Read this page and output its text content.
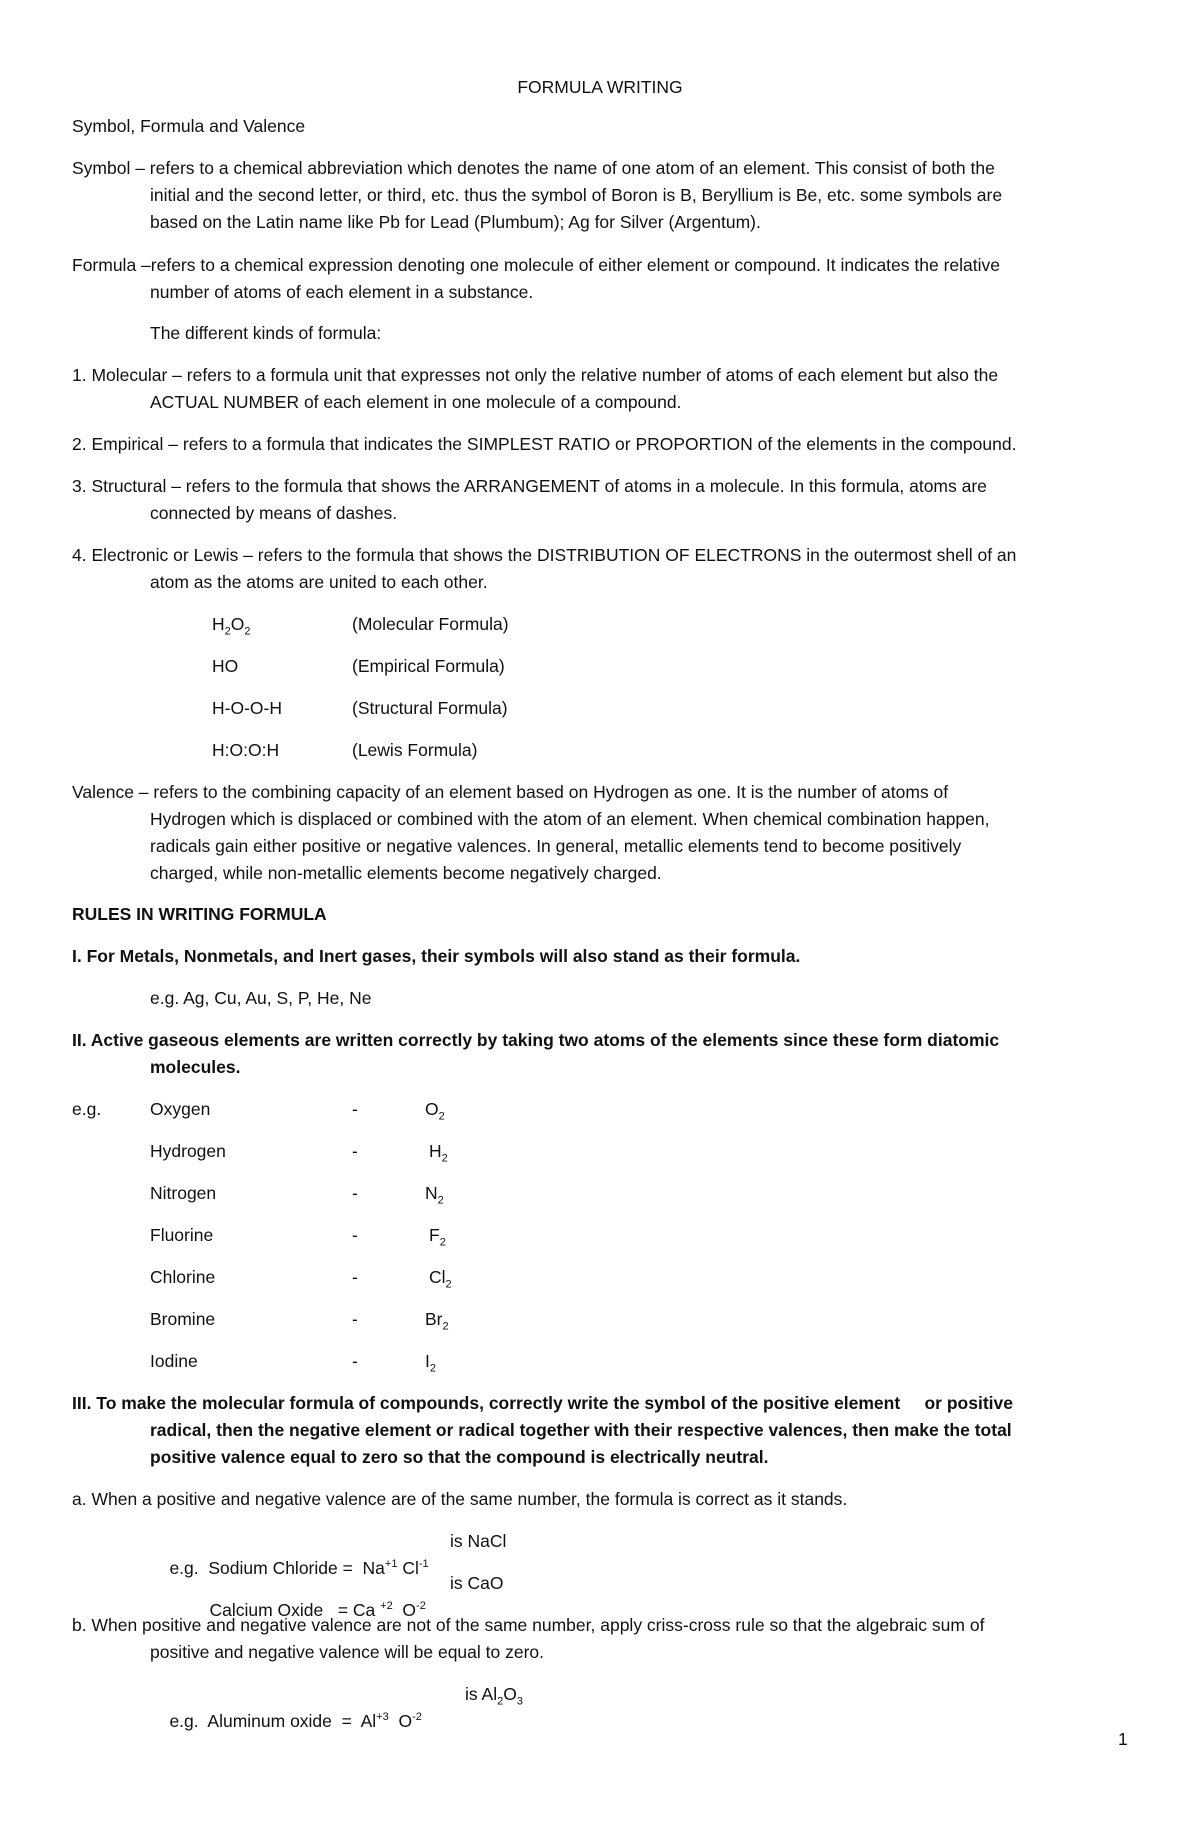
FORMULA WRITING
Symbol, Formula and Valence
Symbol – refers to a chemical abbreviation which denotes the name of one atom of an element. This consist of both the
initial and the second letter, or third, etc. thus the symbol of Boron is B, Beryllium is Be, etc. some symbols are
based on the Latin name like Pb for Lead (Plumbum); Ag for Silver (Argentum).
Formula –refers to a chemical expression denoting one molecule of either element or compound. It indicates the relative
number of atoms of each element in a substance.
The different kinds of formula:
1. Molecular – refers to a formula unit that expresses not only the relative number of atoms of each element but also the
ACTUAL NUMBER of each element in one molecule of a compound.
2. Empirical – refers to a formula that indicates the SIMPLEST RATIO or PROPORTION of the elements in the compound.
3. Structural – refers to the formula that shows the ARRANGEMENT of atoms in a molecule. In this formula, atoms are
connected by means of dashes.
4. Electronic or Lewis – refers to the formula that shows the DISTRIBUTION OF ELECTRONS in the outermost shell of an
atom as the atoms are united to each other.
$H_2O_2$	(Molecular Formula)
HO	(Empirical Formula)
H-O-O-H	(Structural Formula)
H:O:O:H	(Lewis Formula)
Valence – refers to the combining capacity of an element based on Hydrogen as one. It is the number of atoms of
Hydrogen which is displaced or combined with the atom of an element. When chemical combination happen,
radicals gain either positive or negative valences. In general, metallic elements tend to become positively
charged, while non-metallic elements become negatively charged.
RULES IN WRITING FORMULA
I. For Metals, Nonmetals, and Inert gases, their symbols will also stand as their formula.
e.g. Ag, Cu, Au, S, P, He, Ne
II. Active gaseous elements are written correctly by taking two atoms of the elements since these form diatomic
molecules.
e.g.	Oxygen	-	$O_2$
Hydrogen	-	$H_2$
Nitrogen	-	$N_2$
Fluorine	-	$F_2$
Chlorine	-	$Cl_2$
Bromine	-	$Br_2$
Iodine	-	$I_2$
III. To make the molecular formula of compounds, correctly write the symbol of the positive element     or positive
radical, then the negative element or radical together with their respective valences, then make the total
positive valence equal to zero so that the compound is electrically neutral.
a. When a positive and negative valence are of the same number, the formula is correct as it stands.

e.g.  Sodium Chloride =  $Na^{+1}$ $Cl^{-1}$

is NaCl

Calcium Oxide   = Ca $^{+2}$  $O^{-2}$

is CaO
b. When positive and negative valence are not of the same number, apply criss-cross rule so that the algebraic sum of
positive and negative valence will be equal to zero.

e.g.  Aluminum oxide  =  $Al^{+3}$  $O^{-2}$

is $Al_2O_3$
1
